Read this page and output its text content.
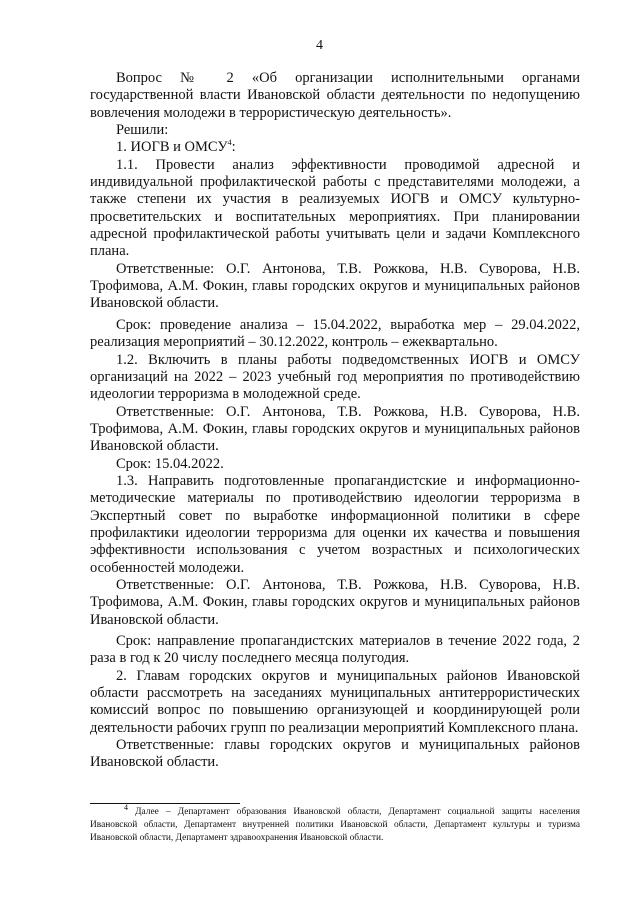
4

Вопрос № 2 «Об организации исполнительными органами государственной власти Ивановской области деятельности по недопущению вовлечения молодежи в террористическую деятельность».

Решили:

1. ИОГВ и ОМСУ$^4$:

1.1. Провести анализ эффективности проводимой адресной и индивидуальной профилактической работы с представителями молодежи, а также степени их участия в реализуемых ИОГВ и ОМСУ культурно-просветительских и воспитательных мероприятиях. При планировании адресной профилактической работы учитывать цели и задачи Комплексного плана.

Ответственные: О.Г. Антонова, Т.В. Рожкова, Н.В. Суворова, Н.В. Трофимова, А.М. Фокин, главы городских округов и муниципальных районов Ивановской области.

Срок: проведение анализа – 15.04.2022, выработка мер – 29.04.2022, реализация мероприятий – 30.12.2022, контроль – ежеквартально.

1.2. Включить в планы работы подведомственных ИОГВ и ОМСУ организаций на 2022 – 2023 учебный год мероприятия по противодействию идеологии терроризма в молодежной среде.

Ответственные: О.Г. Антонова, Т.В. Рожкова, Н.В. Суворова, Н.В. Трофимова, А.М. Фокин, главы городских округов и муниципальных районов Ивановской области.

Срок: 15.04.2022.

1.3. Направить подготовленные пропагандистские и информационно-методические материалы по противодействию идеологии терроризма в Экспертный совет по выработке информационной политики в сфере профилактики идеологии терроризма для оценки их качества и повышения эффективности использования с учетом возрастных и психологических особенностей молодежи.

Ответственные: О.Г. Антонова, Т.В. Рожкова, Н.В. Суворова, Н.В. Трофимова, А.М. Фокин, главы городских округов и муниципальных районов Ивановской области.

Срок: направление пропагандистских материалов в течение 2022 года, 2 раза в год к 20 числу последнего месяца полугодия.

2. Главам городских округов и муниципальных районов Ивановской области рассмотреть на заседаниях муниципальных антитеррористических комиссий вопрос по повышению организующей и координирующей роли деятельности рабочих групп по реализации мероприятий Комплексного плана.

Ответственные: главы городских округов и муниципальных районов Ивановской области.

$^4$ Далее – Департамент образования Ивановской области, Департамент социальной защиты населения Ивановской области, Департамент внутренней политики Ивановской области, Департамент культуры и туризма Ивановской области, Департамент здравоохранения Ивановской области.
